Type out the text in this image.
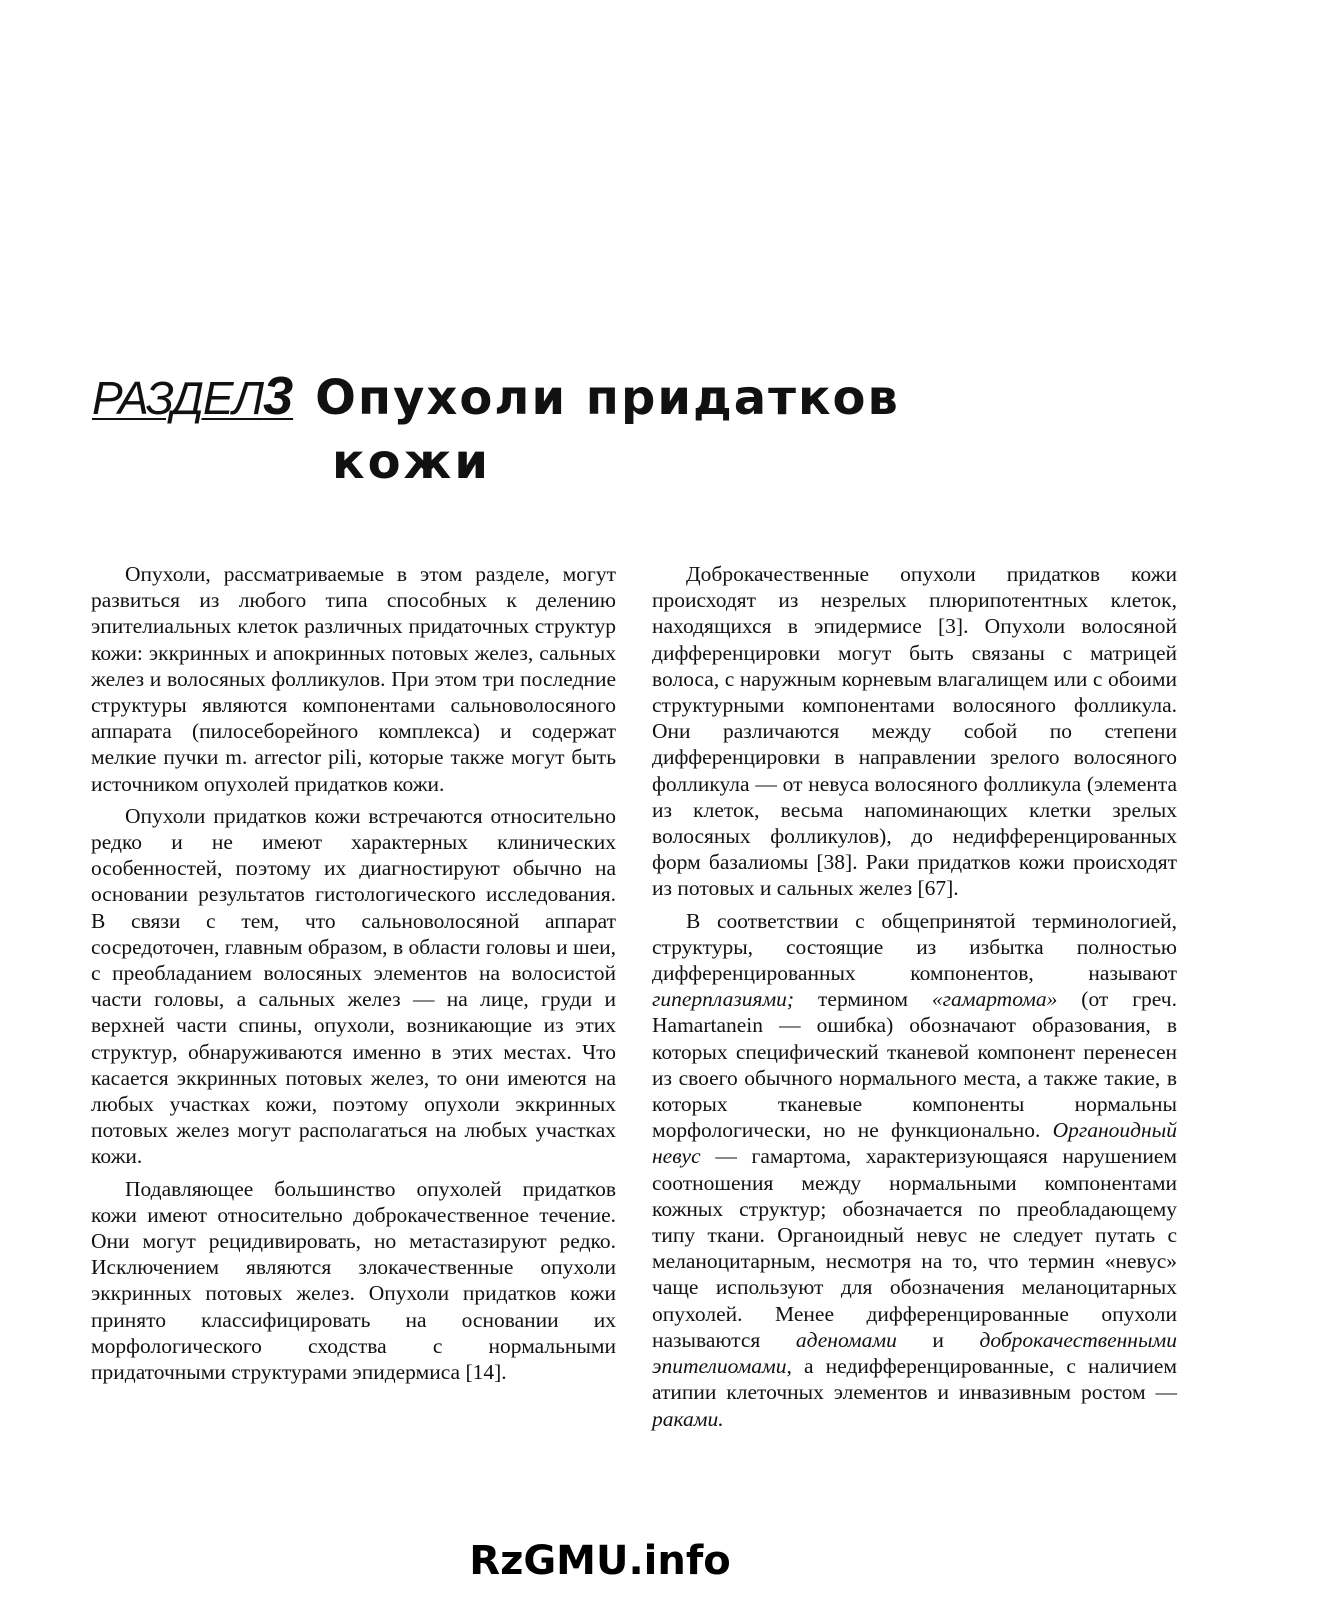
РАЗДЕЛ 3 Опухоли придатков
кожи

Опухоли, рассматриваемые в этом разделе, могут развиться из любого типа способных к делению эпителиальных клеток различных придаточных структур кожи: эккринных и апокринных потовых желез, сальных желез и волосяных фолликулов. При этом три последние структуры являются компонентами сальноволосяного аппарата (пилосеборейного комплекса) и содержат мелкие пучки m. arrector pili, которые также могут быть источником опухолей придатков кожи.

Опухоли придатков кожи встречаются относительно редко и не имеют характерных клинических особенностей, поэтому их диагностируют обычно на основании результатов гистологического исследования. В связи с тем, что сальноволосяной аппарат сосредоточен, главным образом, в области головы и шеи, с преобладанием волосяных элементов на волосистой части головы, а сальных желез — на лице, груди и верхней части спины, опухоли, возникающие из этих структур, обнаруживаются именно в этих местах. Что касается эккринных потовых желез, то они имеются на любых участках кожи, поэтому опухоли эккринных потовых желез могут располагаться на любых участках кожи.

Подавляющее большинство опухолей придатков кожи имеют относительно доброкачественное течение. Они могут рецидивировать, но метастазируют редко. Исключением являются злокачественные опухоли эккринных потовых желез. Опухоли придатков кожи принято классифицировать на основании их морфологического сходства с нормальными придаточными структурами эпидермиса [14].

Доброкачественные опухоли придатков кожи происходят из незрелых плюрипотентных клеток, находящихся в эпидермисе [3]. Опухоли волосяной дифференцировки могут быть связаны с матрицей волоса, с наружным корневым влагалищем или с обоими структурными компонентами волосяного фолликула. Они различаются между собой по степени дифференцировки в направлении зрелого волосяного фолликула — от невуса волосяного фолликула (элемента из клеток, весьма напоминающих клетки зрелых волосяных фолликулов), до недифференцированных форм базалиомы [38]. Раки придатков кожи происходят из потовых и сальных желез [67].

В соответствии с общепринятой терминологией, структуры, состоящие из избытка полностью дифференцированных компонентов, называют гиперплазиями; термином «гамартома» (от греч. Hamartanein — ошибка) обозначают образования, в которых специфический тканевой компонент перенесен из своего обычного нормального места, а также такие, в которых тканевые компоненты нормальны морфологически, но не функционально. Органоидный невус — гамартома, характеризующаяся нарушением соотношения между нормальными компонентами кожных структур; обозначается по преобладающему типу ткани. Органоидный невус не следует путать с меланоцитарным, несмотря на то, что термин «невус» чаще используют для обозначения меланоцитарных опухолей. Менее дифференцированные опухоли называются аденомами и доброкачественными эпителиомами, а недифференцированные, с наличием атипии клеточных элементов и инвазивным ростом — раками.

RzGMU.info
